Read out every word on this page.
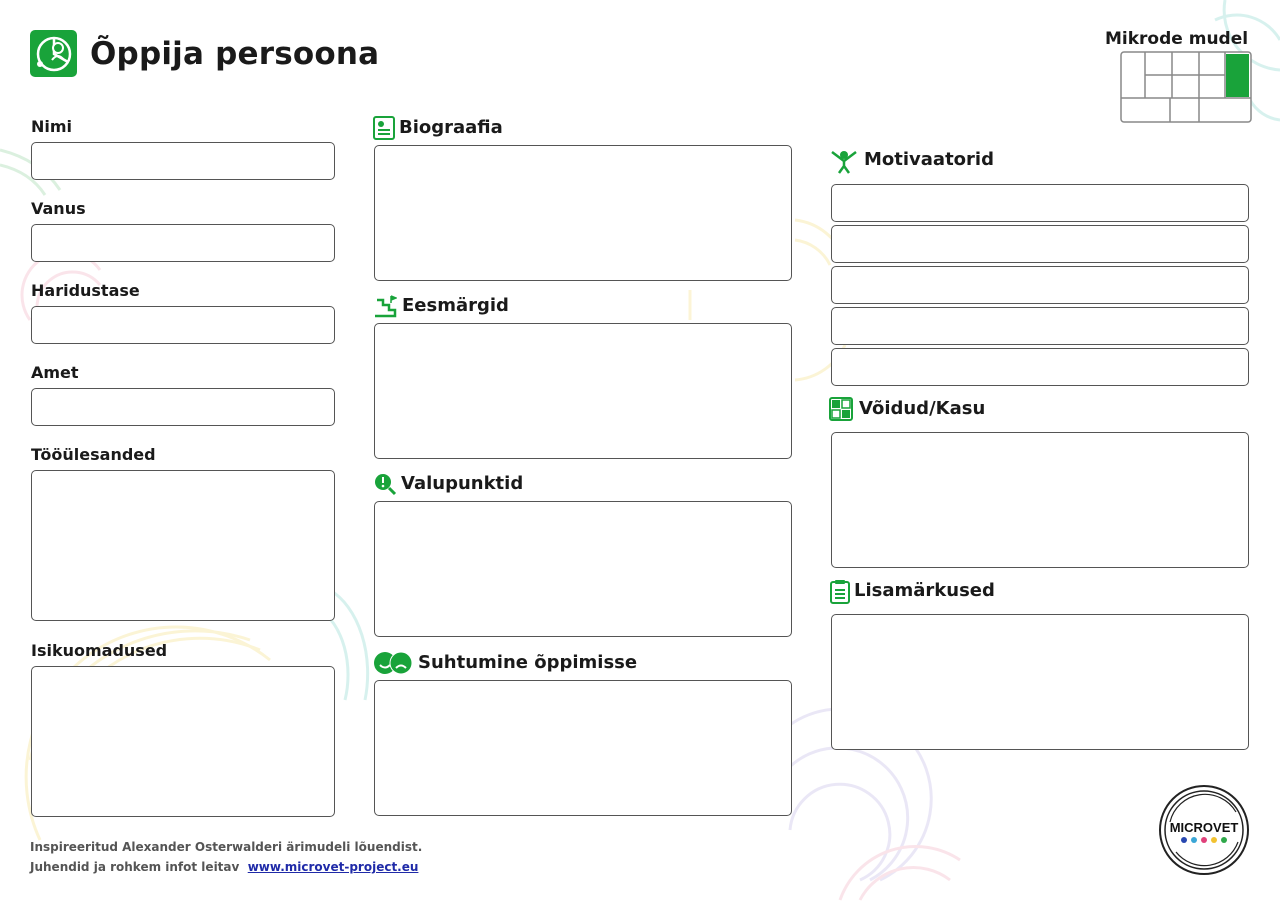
Õppija persoona	Mikrode mudel
Nimi
Vanus
Haridustase
Amet
Tööülesanded
Isikuomadused
Biograafia
Eesmärgid
Valupunktid
Suhtumine õppimisse
Motivaatorid
Võidud/Kasu
Lisamärkused
Inspireeritud Alexander Osterwalderi ärimudeli lõuendist.
Juhendid ja rohkem infot leitav www.microvet-project.eu
MICROVET
